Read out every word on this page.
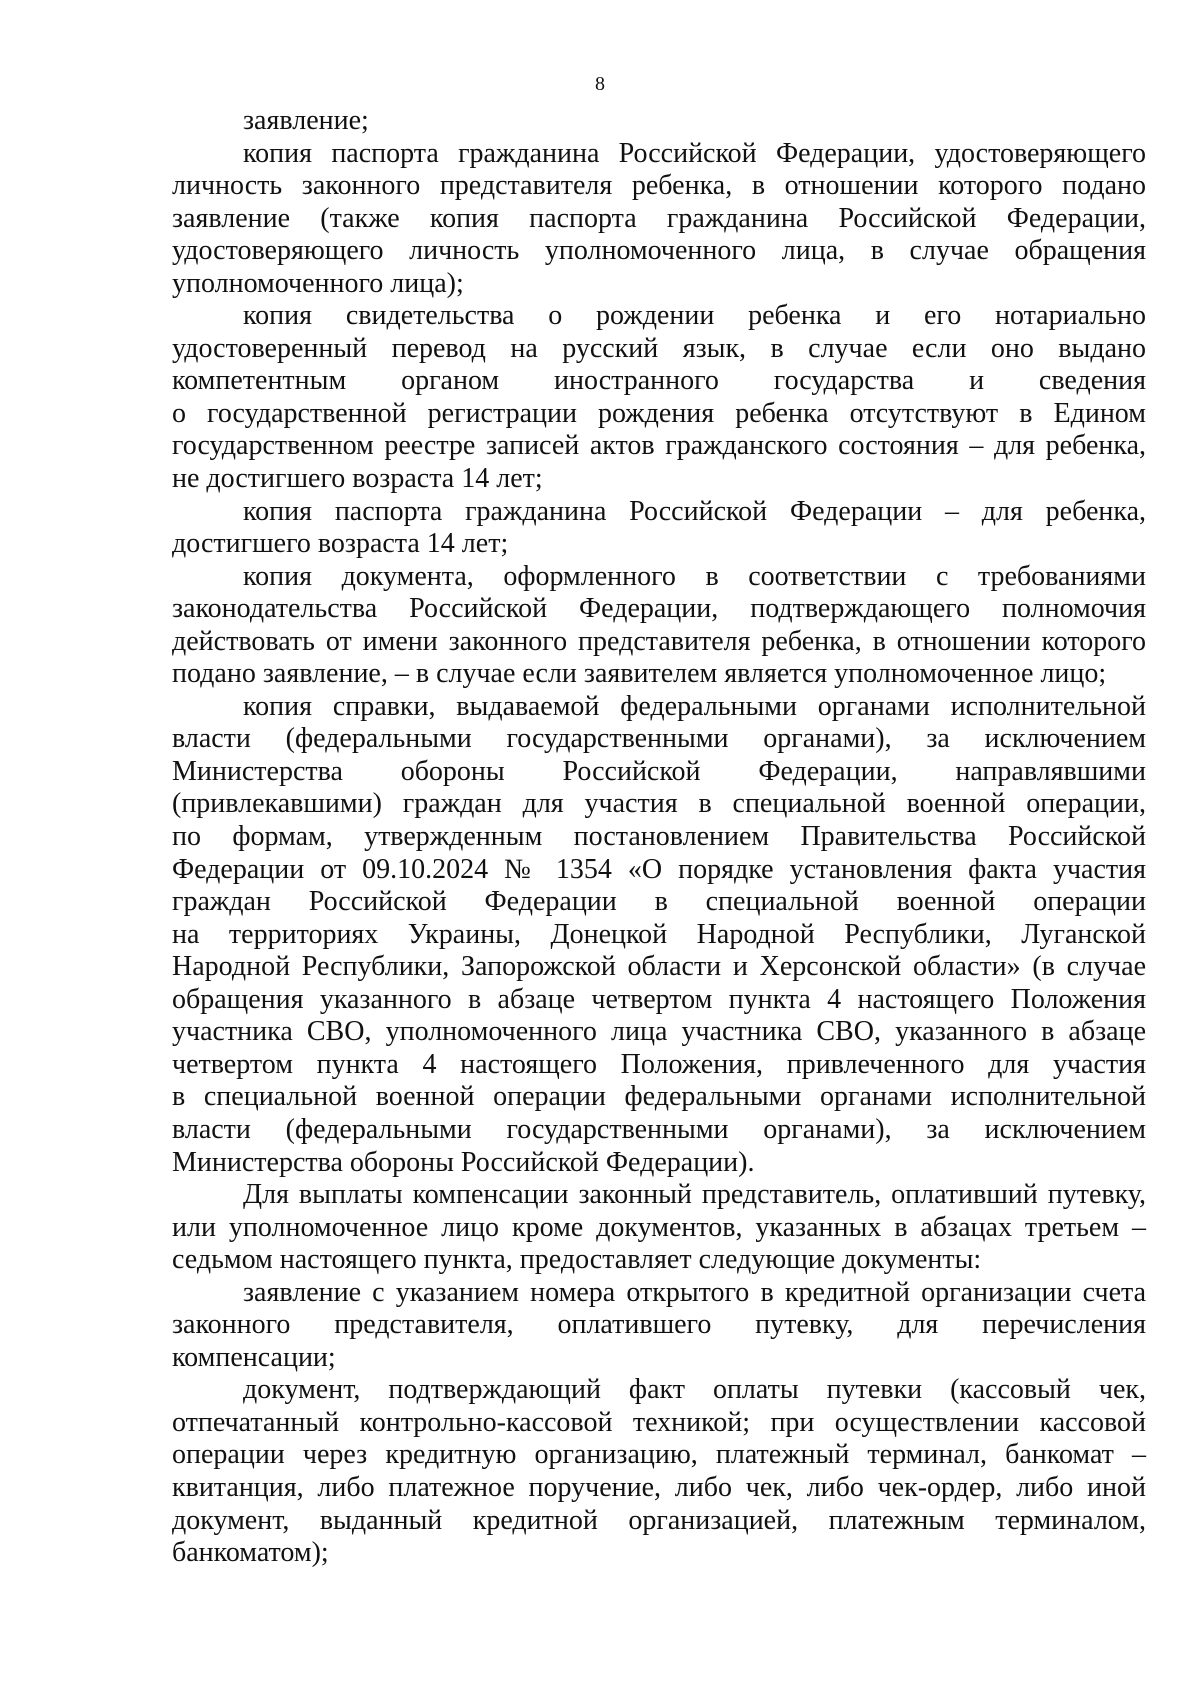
8
заявление;
копия паспорта гражданина Российской Федерации, удостоверяющего
личность законного представителя ребенка, в отношении которого подано
заявление (также копия паспорта гражданина Российской Федерации,
удостоверяющего личность уполномоченного лица, в случае обращения
уполномоченного лица);
копия свидетельства о рождении ребенка и его нотариально
удостоверенный перевод на русский язык, в случае если оно выдано
компетентным органом иностранного государства и сведения
о государственной регистрации рождения ребенка отсутствуют в Едином
государственном реестре записей актов гражданского состояния – для ребенка,
не достигшего возраста 14 лет;
копия паспорта гражданина Российской Федерации – для ребенка,
достигшего возраста 14 лет;
копия документа, оформленного в соответствии с требованиями
законодательства Российской Федерации, подтверждающего полномочия
действовать от имени законного представителя ребенка, в отношении которого
подано заявление, – в случае если заявителем является уполномоченное лицо;
копия справки, выдаваемой федеральными органами исполнительной
власти (федеральными государственными органами), за исключением
Министерства обороны Российской Федерации, направлявшими
(привлекавшими) граждан для участия в специальной военной операции,
по формам, утвержденным постановлением Правительства Российской
Федерации от 09.10.2024 № 1354 «О порядке установления факта участия
граждан Российской Федерации в специальной военной операции
на территориях Украины, Донецкой Народной Республики, Луганской
Народной Республики, Запорожской области и Херсонской области» (в случае
обращения указанного в абзаце четвертом пункта 4 настоящего Положения
участника СВО, уполномоченного лица участника СВО, указанного в абзаце
четвертом пункта 4 настоящего Положения, привлеченного для участия
в специальной военной операции федеральными органами исполнительной
власти (федеральными государственными органами), за исключением
Министерства обороны Российской Федерации).
Для выплаты компенсации законный представитель, оплативший путевку,
или уполномоченное лицо кроме документов, указанных в абзацах третьем –
седьмом настоящего пункта, предоставляет следующие документы:
заявление с указанием номера открытого в кредитной организации счета
законного представителя, оплатившего путевку, для перечисления
компенсации;
документ, подтверждающий факт оплаты путевки (кассовый чек,
отпечатанный контрольно-кассовой техникой; при осуществлении кассовой
операции через кредитную организацию, платежный терминал, банкомат –
квитанция, либо платежное поручение, либо чек, либо чек-ордер, либо иной
документ, выданный кредитной организацией, платежным терминалом,
банкоматом);
